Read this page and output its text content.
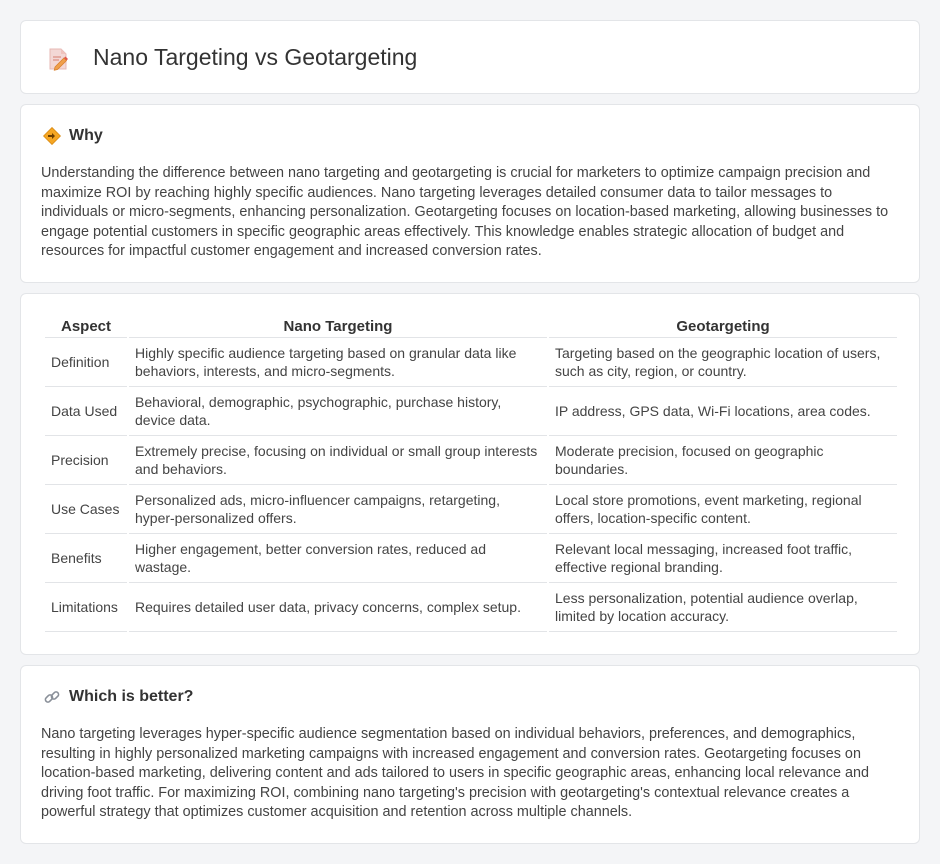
Nano Targeting vs Geotargeting
Why

Understanding the difference between nano targeting and geotargeting is crucial for marketers to optimize campaign precision and maximize ROI by reaching highly specific audiences. Nano targeting leverages detailed consumer data to tailor messages to individuals or micro-segments, enhancing personalization. Geotargeting focuses on location-based marketing, allowing businesses to engage potential customers in specific geographic areas effectively. This knowledge enables strategic allocation of budget and resources for impactful customer engagement and increased conversion rates.

Aspect	Nano Targeting	Geotargeting
Definition	Highly specific audience targeting based on granular data like behaviors, interests, and micro-segments.	Targeting based on the geographic location of users, such as city, region, or country.
Data Used	Behavioral, demographic, psychographic, purchase history, device data.	IP address, GPS data, Wi-Fi locations, area codes.
Precision	Extremely precise, focusing on individual or small group interests and behaviors.	Moderate precision, focused on geographic boundaries.
Use Cases	Personalized ads, micro-influencer campaigns, retargeting, hyper-personalized offers.	Local store promotions, event marketing, regional offers, location-specific content.
Benefits	Higher engagement, better conversion rates, reduced ad wastage.	Relevant local messaging, increased foot traffic, effective regional branding.
Limitations	Requires detailed user data, privacy concerns, complex setup.	Less personalization, potential audience overlap, limited by location accuracy.
Which is better?

Nano targeting leverages hyper-specific audience segmentation based on individual behaviors, preferences, and demographics, resulting in highly personalized marketing campaigns with increased engagement and conversion rates. Geotargeting focuses on location-based marketing, delivering content and ads tailored to users in specific geographic areas, enhancing local relevance and driving foot traffic. For maximizing ROI, combining nano targeting's precision with geotargeting's contextual relevance creates a powerful strategy that optimizes customer acquisition and retention across multiple channels.
